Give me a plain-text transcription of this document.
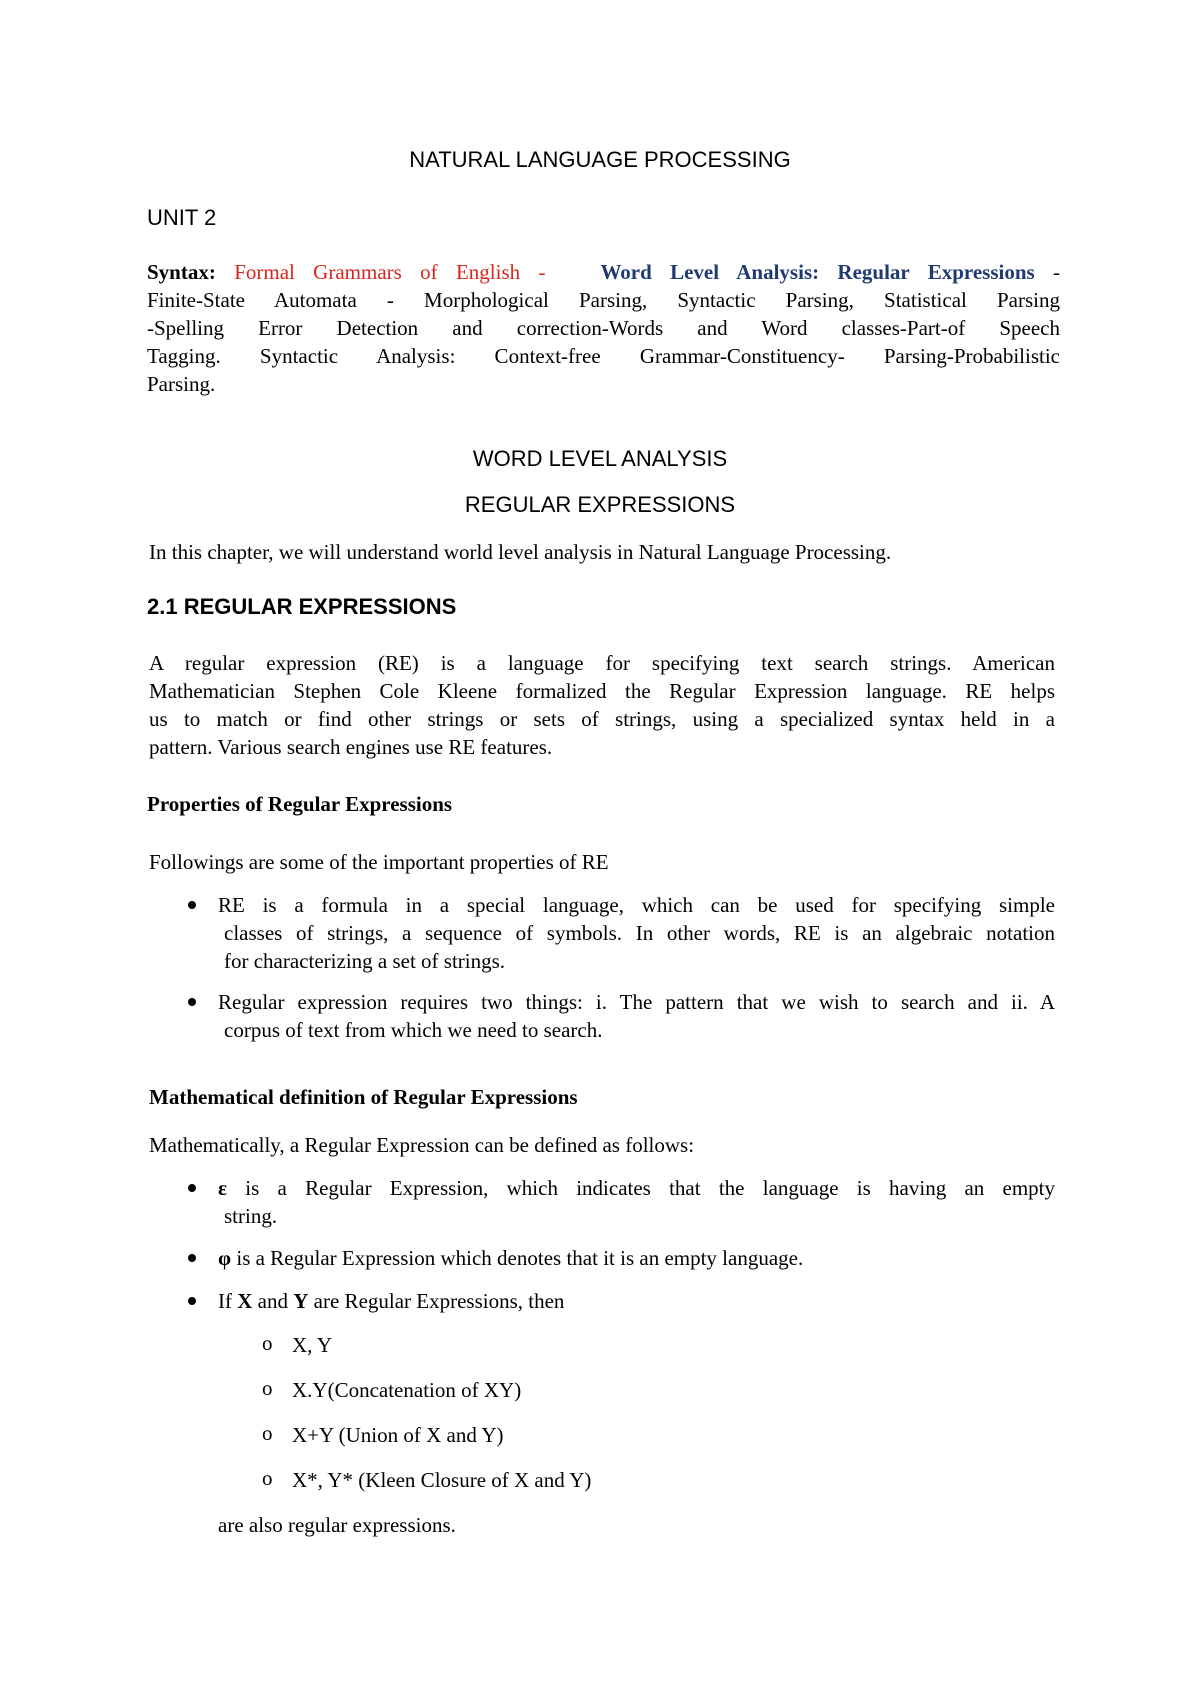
NATURAL LANGUAGE PROCESSING
UNIT 2
Syntax: Formal Grammars of English -	Word Level Analysis: Regular Expressions -
Finite-State Automata - Morphological Parsing, Syntactic Parsing, Statistical Parsing
-Spelling Error Detection and correction-Words and Word classes-Part-of Speech
Tagging. Syntactic Analysis: Context-free Grammar-Constituency- Parsing-Probabilistic
Parsing.
WORD LEVEL ANALYSIS
REGULAR EXPRESSIONS
In this chapter, we will understand world level analysis in Natural Language Processing.
2.1 REGULAR EXPRESSIONS
A regular expression (RE) is a language for specifying text search strings. American
Mathematician Stephen Cole Kleene formalized the Regular Expression language. RE helps
us to match or find other strings or sets of strings, using a specialized syntax held in a
pattern. Various search engines use RE features.
Properties of Regular Expressions
Followings are some of the important properties of RE
RE is a formula in a special language, which can be used for specifying simple
classes of strings, a sequence of symbols. In other words, RE is an algebraic notation
for characterizing a set of strings.
Regular expression requires two things: i. The pattern that we wish to search and ii. A
corpus of text from which we need to search.
Mathematical definition of Regular Expressions
Mathematically, a Regular Expression can be defined as follows:
ε is a Regular Expression, which indicates that the language is having an empty
string.
φ is a Regular Expression which denotes that it is an empty language.
If X and Y are Regular Expressions, then
o X, Y
o X.Y(Concatenation of XY)
o X+Y (Union of X and Y)
o X*, Y* (Kleen Closure of X and Y)
are also regular expressions.
